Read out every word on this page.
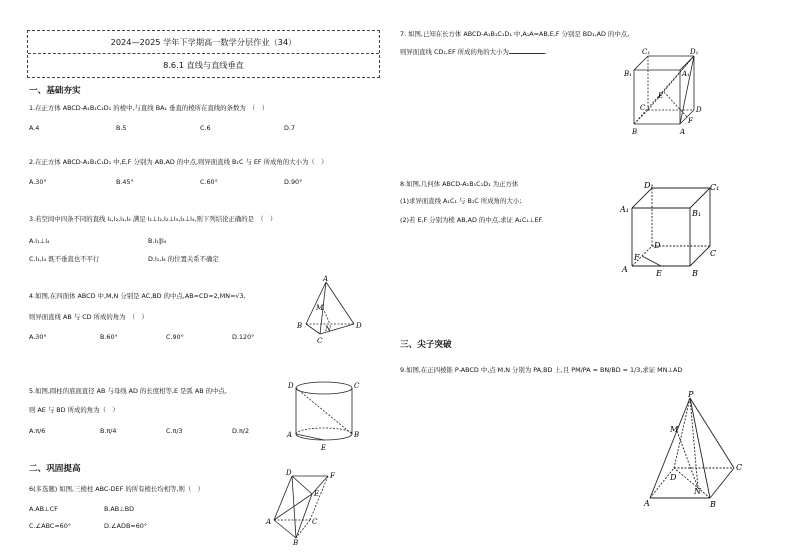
2024—2025 学年下学期高一数学分层作业（34）
8.6.1 直线与直线垂直
一、基础夯实
1.在正方体 ABCD-A₁B₁C₁D₁ 的棱中,与直线 BA₁ 垂直的棱所在直线的条数为　（　）
A.4	B.5	C.6	D.7
2.在正方体 ABCD-A₁B₁C₁D₁ 中,E,F 分别为 AB,AD 的中点,则异面直线 B₁C 与 EF 所成角的大小为（　）
A.30°	B.45°	C.60°	D.90°
3.若空间中四条不同的直线 l₁,l₂,l₃,l₄ 满足 l₁⊥l₂,l₂⊥l₃,l₃⊥l₄,则下列结论正确的是　（　）
A.l₁⊥l₄	B.l₁∥l₄
C.l₁,l₄ 既不垂直也不平行	D.l₁,l₄ 的位置关系不确定
4.如图,在四面体 ABCD 中,M,N 分别是 AC,BD 的中点,AB=CD=2,MN=√3,
则异面直线 AB 与 CD 所成的角为　（　）
A.30°	B.60°	C.90°	D.120°
A
M
B	N	D
C
5.如图,圆柱的底面直径 AB 与母线 AD 的长度相等,E 是弧 AB 的中点,
则 AE 与 BD 所成的角为（　）
A.π/6	B.π/4	C.π/3	D.π/2
D	C
A	B
E
二、巩固提高
6(多选题) 如图,三棱柱 ABC-DEF 的所有棱长均相等,则（　）
A.AB⊥CF	B.AB⊥BD
C.∠ABC=60°	D.∠ADB=60°
D	F
E
A	C
B
7. 如图,已知在长方体 ABCD-A₁B₁C₁D₁ 中,A₁A=AB,E,F 分别是 BD₁,AD 的中点,
则异面直线 CD₁,EF 所成的角的大小为	.	C₁	D₁
B₁	A₁
E
C	D
F
B	A
8.如图,几何体 ABCD-A₁B₁C₁D₁ 为正方体
(1)求异面直线 A₁C₁ 与 B₁C 所成角的大小;
(2)若 E,F 分别为棱 AB,AD 的中点,求证 A₁C₁⊥EF.
D₁	C₁
A₁	B₁
D
C
F
A	E	B
三、尖子突破
9.如图,在正四棱锥 P-ABCD 中,点 M,N 分别为 PA,BD 上,且 PM/PA = BN/BD = 1/3,求证 MN⊥AD
P
M
D
N
C
A	B
